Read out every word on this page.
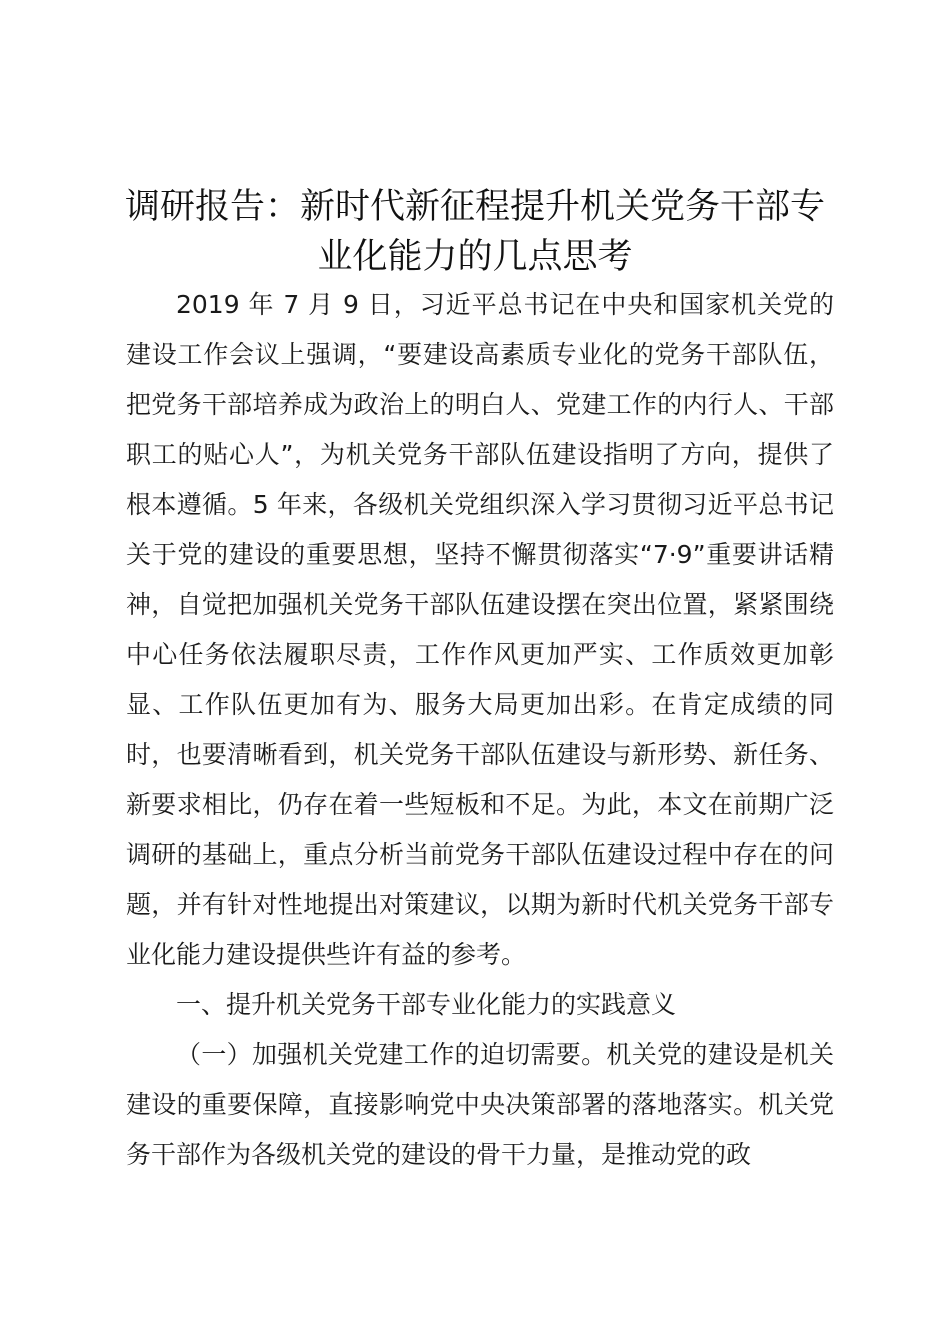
调研报告：新时代新征程提升机关党务干部专
业化能力的几点思考

2019 年 7 月 9 日，习近平总书记在中央和国家机关党的建设工作会议上强调，“要建设高素质专业化的党务干部队伍，把党务干部培养成为政治上的明白人、党建工作的内行人、干部职工的贴心人”，为机关党务干部队伍建设指明了方向，提供了根本遵循。5 年来，各级机关党组织深入学习贯彻习近平总书记关于党的建设的重要思想，坚持不懈贯彻落实“7·9”重要讲话精神，自觉把加强机关党务干部队伍建设摆在突出位置，紧紧围绕中心任务依法履职尽责，工作作风更加严实、工作质效更加彰显、工作队伍更加有为、服务大局更加出彩。在肯定成绩的同时，也要清晰看到，机关党务干部队伍建设与新形势、新任务、新要求相比，仍存在着一些短板和不足。为此，本文在前期广泛调研的基础上，重点分析当前党务干部队伍建设过程中存在的问题，并有针对性地提出对策建议，以期为新时代机关党务干部专业化能力建设提供些许有益的参考。

一、提升机关党务干部专业化能力的实践意义

（一）加强机关党建工作的迫切需要。机关党的建设是机关建设的重要保障，直接影响党中央决策部署的落地落实。机关党务干部作为各级机关党的建设的骨干力量，是推动党的政
